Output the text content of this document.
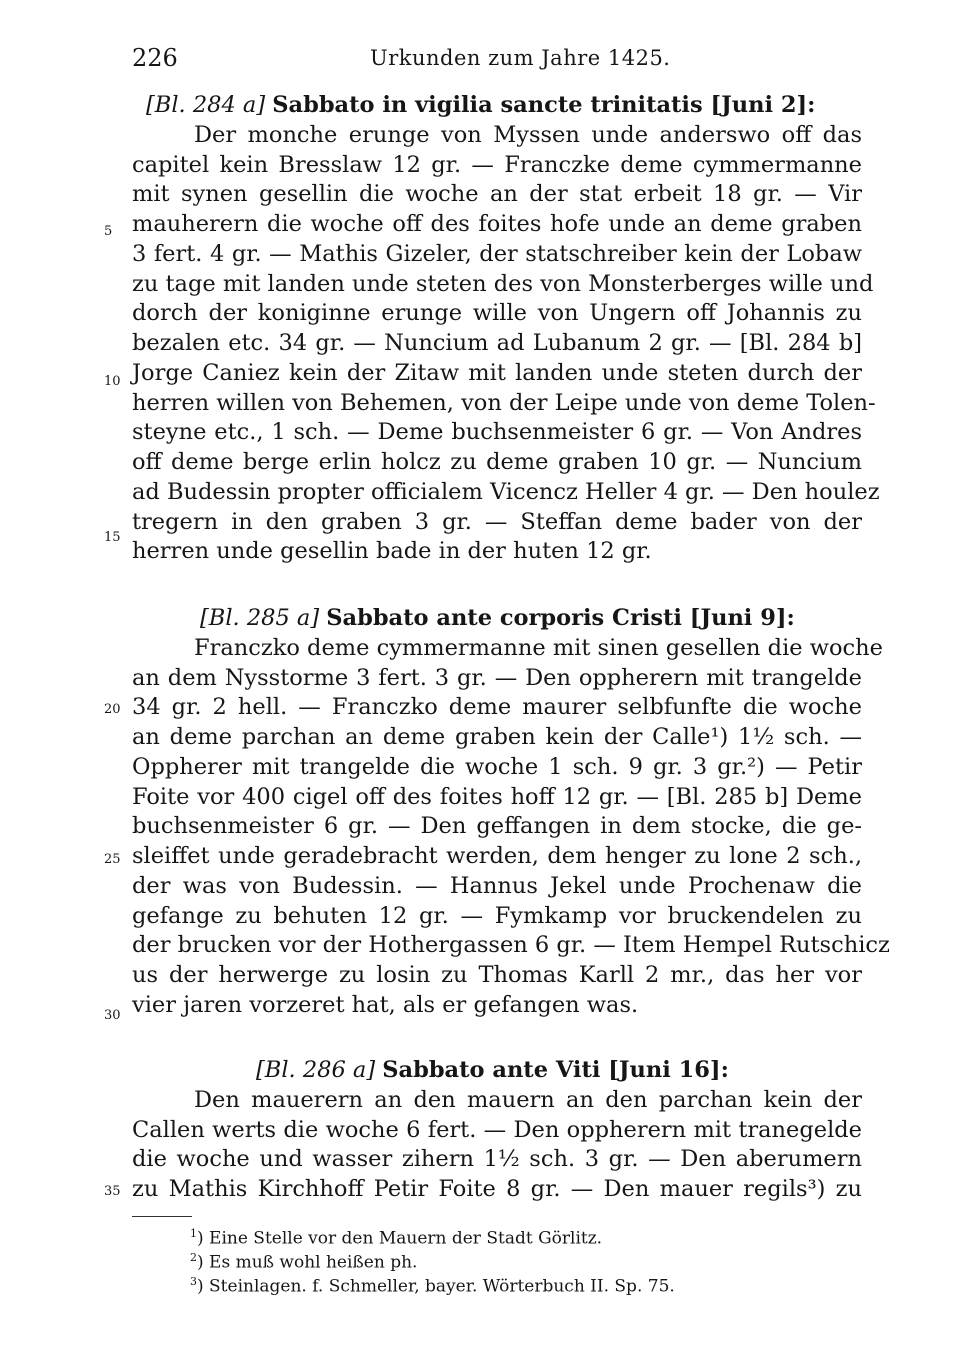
226	Urkunden zum Jahre 1425.
[Bl. 284 a] Sabbato in vigilia sancte trinitatis [Juni 2]:
Der monche erunge von Myssen unde anderswo off das
capitel kein Bresslaw 12 gr. — Franczke deme cymmermanne
mit synen gesellin die woche an der stat erbeit 18 gr. — Vir
mauherern die woche off des foites hofe unde an deme graben
3 fert. 4 gr. — Mathis Gizeler, der statschreiber kein der Lobaw
zu tage mit landen unde steten des von Monsterberges wille und
dorch der koniginne erunge wille von Ungern off Johannis zu
bezalen etc. 34 gr. — Nuncium ad Lubanum 2 gr. — [Bl. 284 b]
Jorge Caniez kein der Zitaw mit landen unde steten durch der
herren willen von Behemen, von der Leipe unde von deme Tolen-
steyne etc., 1 sch. — Deme buchsenmeister 6 gr. — Von Andres
off deme berge erlin holcz zu deme graben 10 gr. — Nuncium
ad Budessin propter officialem Vicencz Heller 4 gr. — Den houlez
tregern in den graben 3 gr. — Steffan deme bader von der
herren unde gesellin bade in der huten 12 gr.
[Bl. 285 a] Sabbato ante corporis Cristi [Juni 9]:
Franczko deme cymmermanne mit sinen gesellen die woche
an dem Nysstorme 3 fert. 3 gr. — Den oppherern mit trangelde
34 gr. 2 hell. — Franczko deme maurer selbfunfte die woche
an deme parchan an deme graben kein der Calle¹) 1½ sch. —
Oppherer mit trangelde die woche 1 sch. 9 gr. 3 gr.²) — Petir
Foite vor 400 cigel off des foites hoff 12 gr. — [Bl. 285 b] Deme
buchsenmeister 6 gr. — Den geffangen in dem stocke, die ge-
sleiffet unde geradebracht werden, dem henger zu lone 2 sch.,
der was von Budessin. — Hannus Jekel unde Prochenaw die
gefange zu behuten 12 gr. — Fymkamp vor bruckendelen zu
der brucken vor der Hothergassen 6 gr. — Item Hempel Rutschicz
us der herwerge zu losin zu Thomas Karll 2 mr., das her vor
vier jaren vorzeret hat, als er gefangen was.
[Bl. 286 a] Sabbato ante Viti [Juni 16]:
Den mauerern an den mauern an den parchan kein der
Callen werts die woche 6 fert. — Den oppherern mit tranegelde
die woche und wasser zihern 1½ sch. 3 gr. — Den aberumern
zu Mathis Kirchhoff Petir Foite 8 gr. — Den mauer regils³) zu
5
10
15
20
25
30
35
$^1$) Eine Stelle vor den Mauern der Stadt Görlitz.
$^2$) Es muß wohl heißen ph.
$^3$) Steinlagen. f. Schmeller, bayer. Wörterbuch II. Sp. 75.
